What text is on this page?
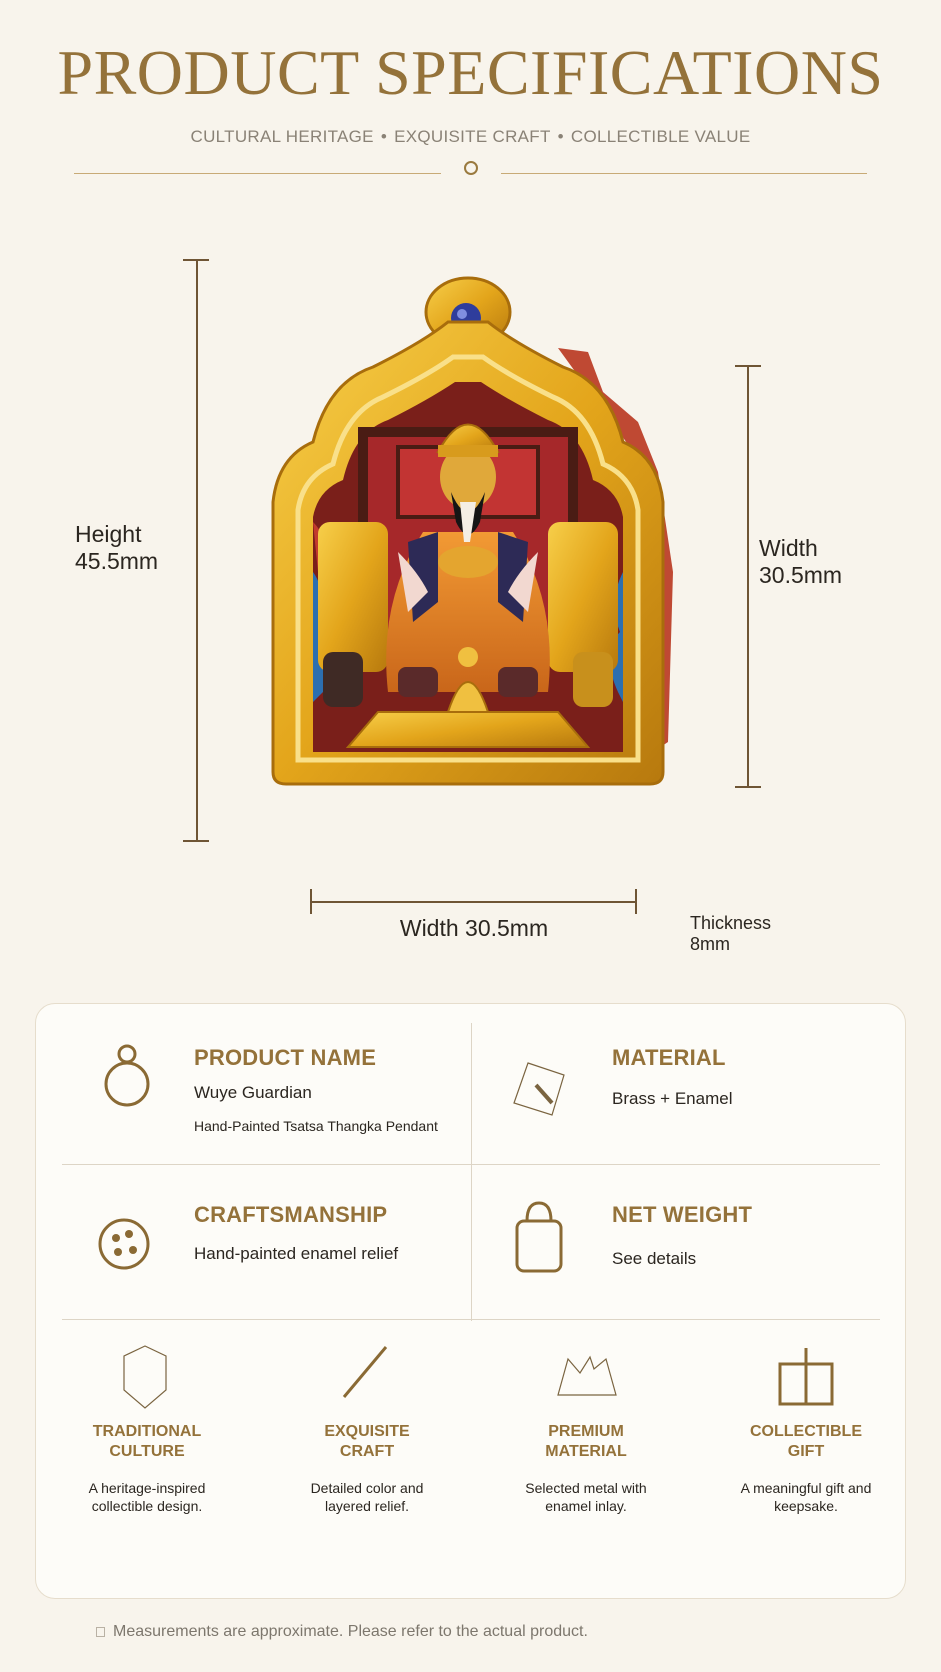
PRODUCT SPECIFICATIONS
CULTURAL HERITAGE • EXQUISITE CRAFT • COLLECTIBLE VALUE
Height
45.5mm	Width
30.5mm
Width 30.5mm	Thickness
8mm
PRODUCT NAME
Wuye Guardian
Hand-Painted Tsatsa Thangka Pendant
MATERIAL
Brass + Enamel
CRAFTSMANSHIP
Hand-painted enamel relief
NET WEIGHT
See details
TRADITIONAL
CULTURE
A heritage-inspired
collectible design.
EXQUISITE
CRAFT
Detailed color and
layered relief.
PREMIUM
MATERIAL
Selected metal with
enamel inlay.
COLLECTIBLE
GIFT
A meaningful gift and
keepsake.
Measurements are approximate. Please refer to the actual product.
